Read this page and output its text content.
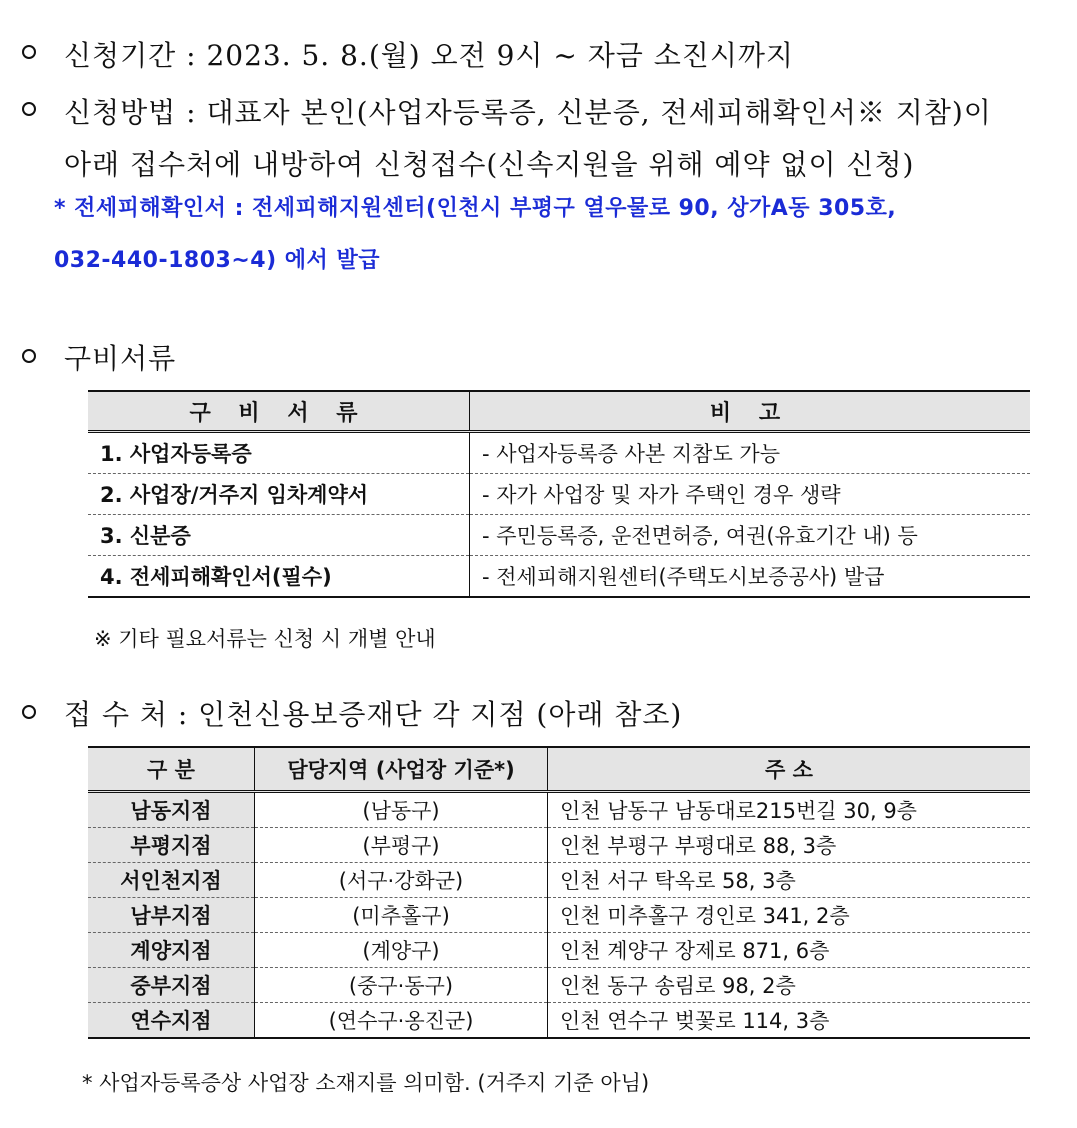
신청기간 : 2023. 5. 8.(월) 오전 9시 ~ 자금 소진시까지
신청방법 : 대표자 본인(사업자등록증, 신분증, 전세피해확인서※ 지참)이
아래 접수처에 내방하여 신청접수(신속지원을 위해 예약 없이 신청)
* 전세피해확인서 : 전세피해지원센터(인천시 부평구 열우물로 90, 상가A동 305호,
032-440-1803~4) 에서 발급
구비서류
구 비 서 류	비 고
1. 사업자등록증	- 사업자등록증 사본 지참도 가능
2. 사업장/거주지 임차계약서	- 자가 사업장 및 자가 주택인 경우 생략
3. 신분증	- 주민등록증, 운전면허증, 여권(유효기간 내) 등
4. 전세피해확인서(필수)	- 전세피해지원센터(주택도시보증공사) 발급
※ 기타 필요서류는 신청 시 개별 안내
접 수 처 : 인천신용보증재단 각 지점 (아래 참조)
구 분	담당지역 (사업장 기준*)	주 소
남동지점	(남동구)	인천 남동구 남동대로215번길 30, 9층
부평지점	(부평구)	인천 부평구 부평대로 88, 3층
서인천지점	(서구·강화군)	인천 서구 탁옥로 58, 3층
남부지점	(미추홀구)	인천 미추홀구 경인로 341, 2층
계양지점	(계양구)	인천 계양구 장제로 871, 6층
중부지점	(중구·동구)	인천 동구 송림로 98, 2층
연수지점	(연수구·옹진군)	인천 연수구 벚꽃로 114, 3층
* 사업자등록증상 사업장 소재지를 의미함. (거주지 기준 아님)
